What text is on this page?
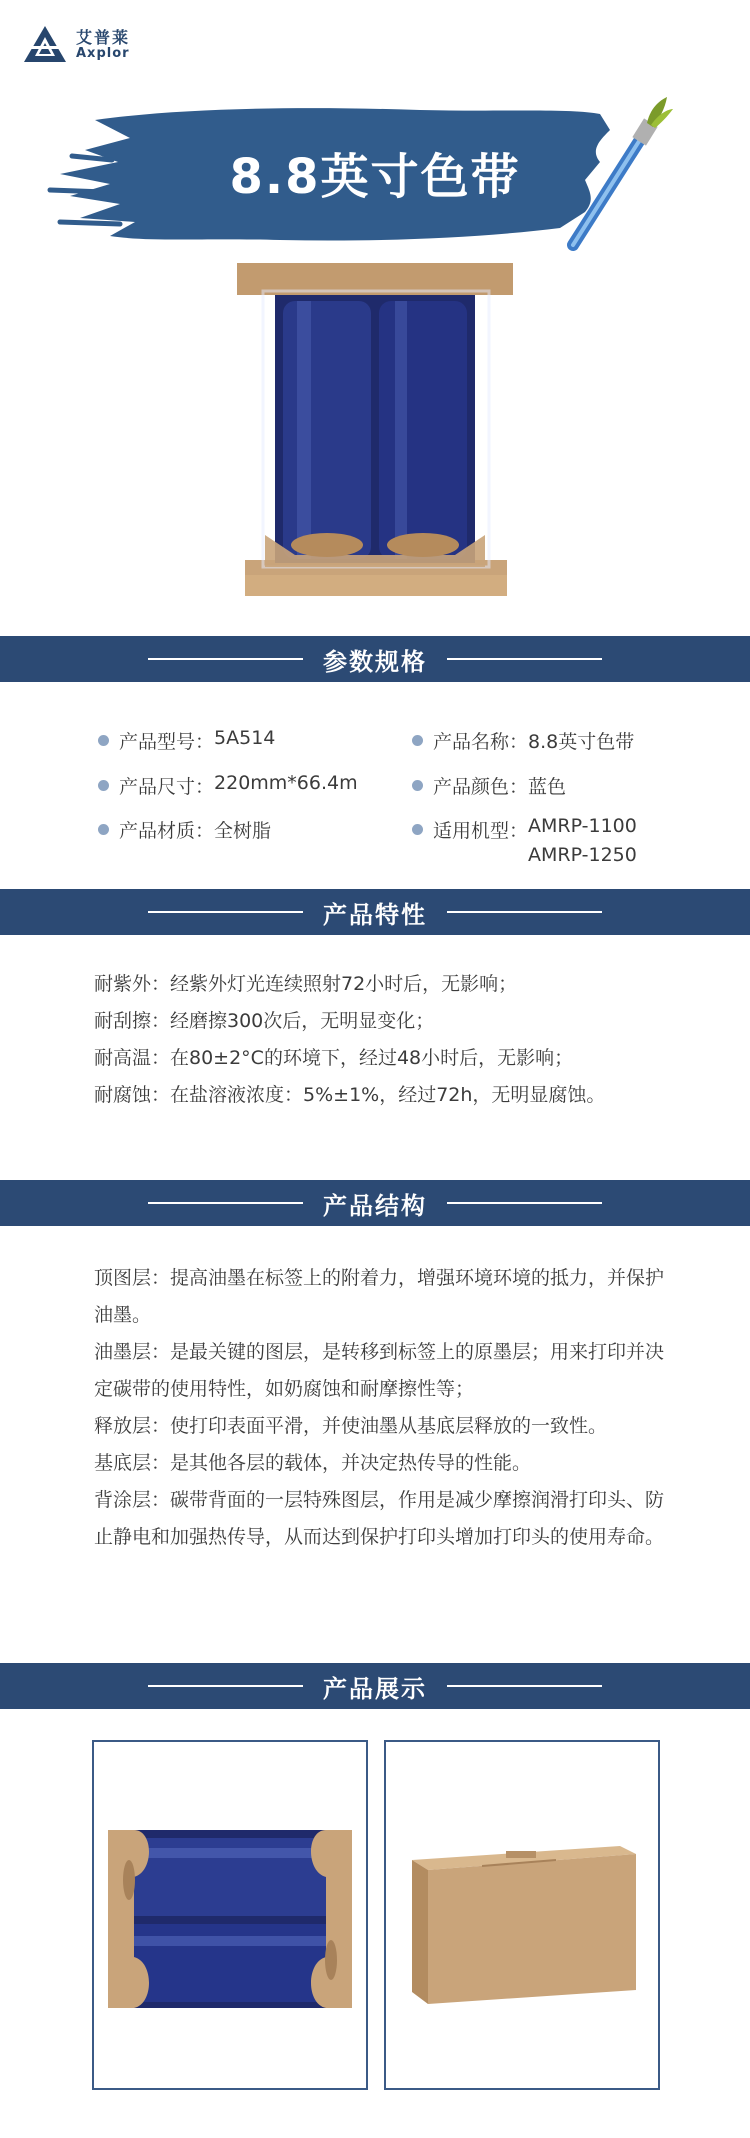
艾普莱
Axplor
8.8英寸色带
参数规格
产品型号： 5A514	产品名称： 8.8英寸色带
产品尺寸： 220mm*66.4m	产品颜色： 蓝色
产品材质： 全树脂	适用机型： AMRP-1100
AMRP-1250
产品特性
耐紫外：经紫外灯光连续照射72小时后，无影响；
耐刮擦：经磨擦300次后，无明显变化；
耐高温：在80±2°C的环境下，经过48小时后，无影响；
耐腐蚀：在盐溶液浓度：5%±1%，经过72h，无明显腐蚀。
产品结构
顶图层：提高油墨在标签上的附着力，增强环境环境的抵力，并保护油墨。
油墨层：是最关键的图层，是转移到标签上的原墨层；用来打印并决定碳带的使用特性，如奶腐蚀和耐摩擦性等；
释放层：使打印表面平滑，并使油墨从基底层释放的一致性。
基底层：是其他各层的载体，并决定热传导的性能。
背涂层：碳带背面的一层特殊图层，作用是减少摩擦润滑打印头、防止静电和加强热传导，从而达到保护打印头增加打印头的使用寿命。
产品展示
